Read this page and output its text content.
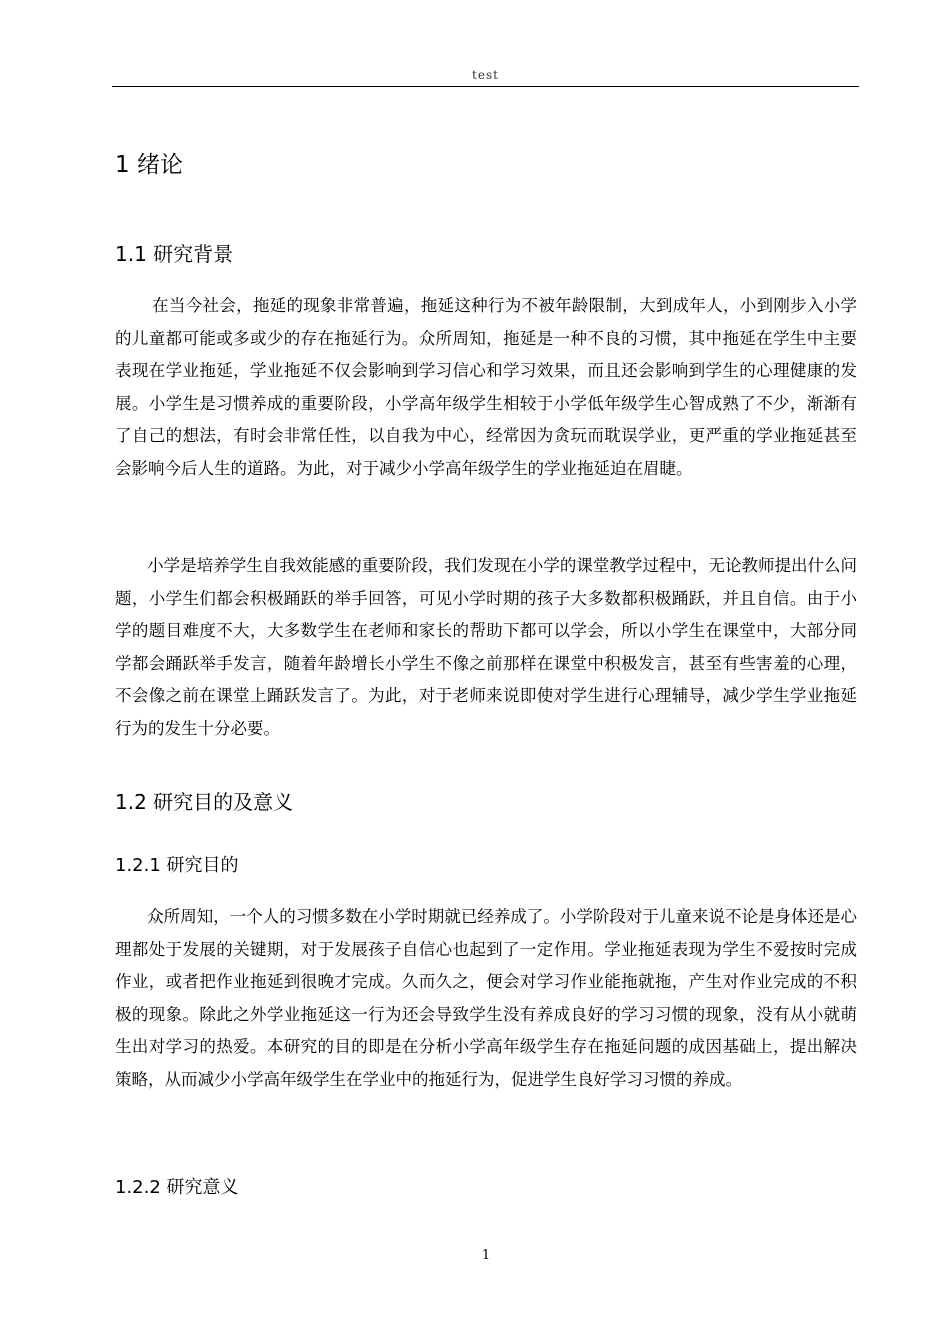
test
1 绪论
1.1 研究背景

在当今社会，拖延的现象非常普遍，拖延这种行为不被年龄限制，大到成年人，小到刚步入小学的儿童都可能或多或少的存在拖延行为。众所周知，拖延是一种不良的习惯，其中拖延在学生中主要表现在学业拖延，学业拖延不仅会影响到学习信心和学习效果，而且还会影响到学生的心理健康的发展。小学生是习惯养成的重要阶段，小学高年级学生相较于小学低年级学生心智成熟了不少，渐渐有了自己的想法，有时会非常任性，以自我为中心，经常因为贪玩而耽误学业，更严重的学业拖延甚至会影响今后人生的道路。为此，对于减少小学高年级学生的学业拖延迫在眉睫。

小学是培养学生自我效能感的重要阶段，我们发现在小学的课堂教学过程中，无论教师提出什么问题，小学生们都会积极踊跃的举手回答，可见小学时期的孩子大多数都积极踊跃，并且自信。由于小学的题目难度不大，大多数学生在老师和家长的帮助下都可以学会，所以小学生在课堂中，大部分同学都会踊跃举手发言，随着年龄增长小学生不像之前那样在课堂中积极发言，甚至有些害羞的心理，不会像之前在课堂上踊跃发言了。为此，对于老师来说即使对学生进行心理辅导，减少学生学业拖延行为的发生十分必要。

1.2 研究目的及意义
1.2.1 研究目的

众所周知，一个人的习惯多数在小学时期就已经养成了。小学阶段对于儿童来说不论是身体还是心理都处于发展的关键期，对于发展孩子自信心也起到了一定作用。学业拖延表现为学生不爱按时完成作业，或者把作业拖延到很晚才完成。久而久之，便会对学习作业能拖就拖，产生对作业完成的不积极的现象。除此之外学业拖延这一行为还会导致学生没有养成良好的学习习惯的现象，没有从小就萌生出对学习的热爱。本研究的目的即是在分析小学高年级学生存在拖延问题的成因基础上，提出解决策略，从而减少小学高年级学生在学业中的拖延行为，促进学生良好学习习惯的养成。

1.2.2 研究意义
1
